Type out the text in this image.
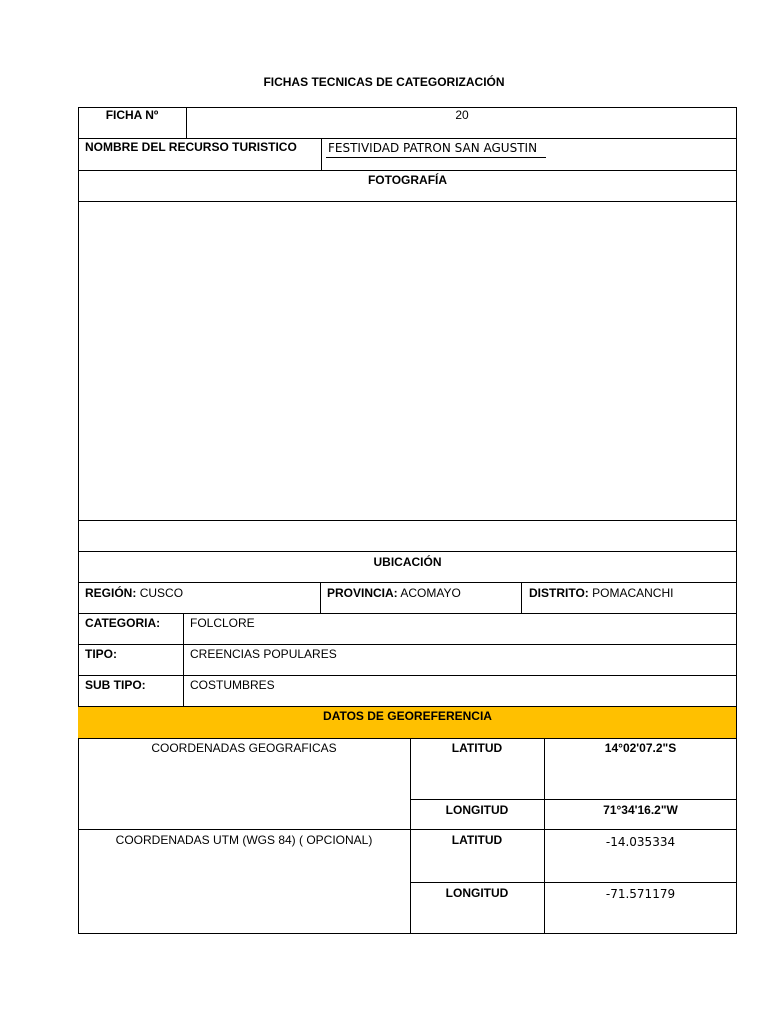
FICHAS TECNICAS DE CATEGORIZACIÓN
FICHA Nº	20
NOMBRE DEL RECURSO TURISTICO	FESTIVIDAD PATRON SAN AGUSTIN
FOTOGRAFÍA
UBICACIÓN
REGIÓN: CUSCO	PROVINCIA: ACOMAYO	DISTRITO: POMACANCHI
CATEGORIA: FOLCLORE
TIPO:	CREENCIAS POPULARES
SUB TIPO:	COSTUMBRES
DATOS DE GEOREFERENCIA
COORDENADAS GEOGRAFICAS	LATITUD	14°02'07.2"S
LONGITUD	71°34'16.2"W
COORDENADAS UTM (WGS 84) ( OPCIONAL)	LATITUD	-14.035334
LONGITUD	-71.571179
